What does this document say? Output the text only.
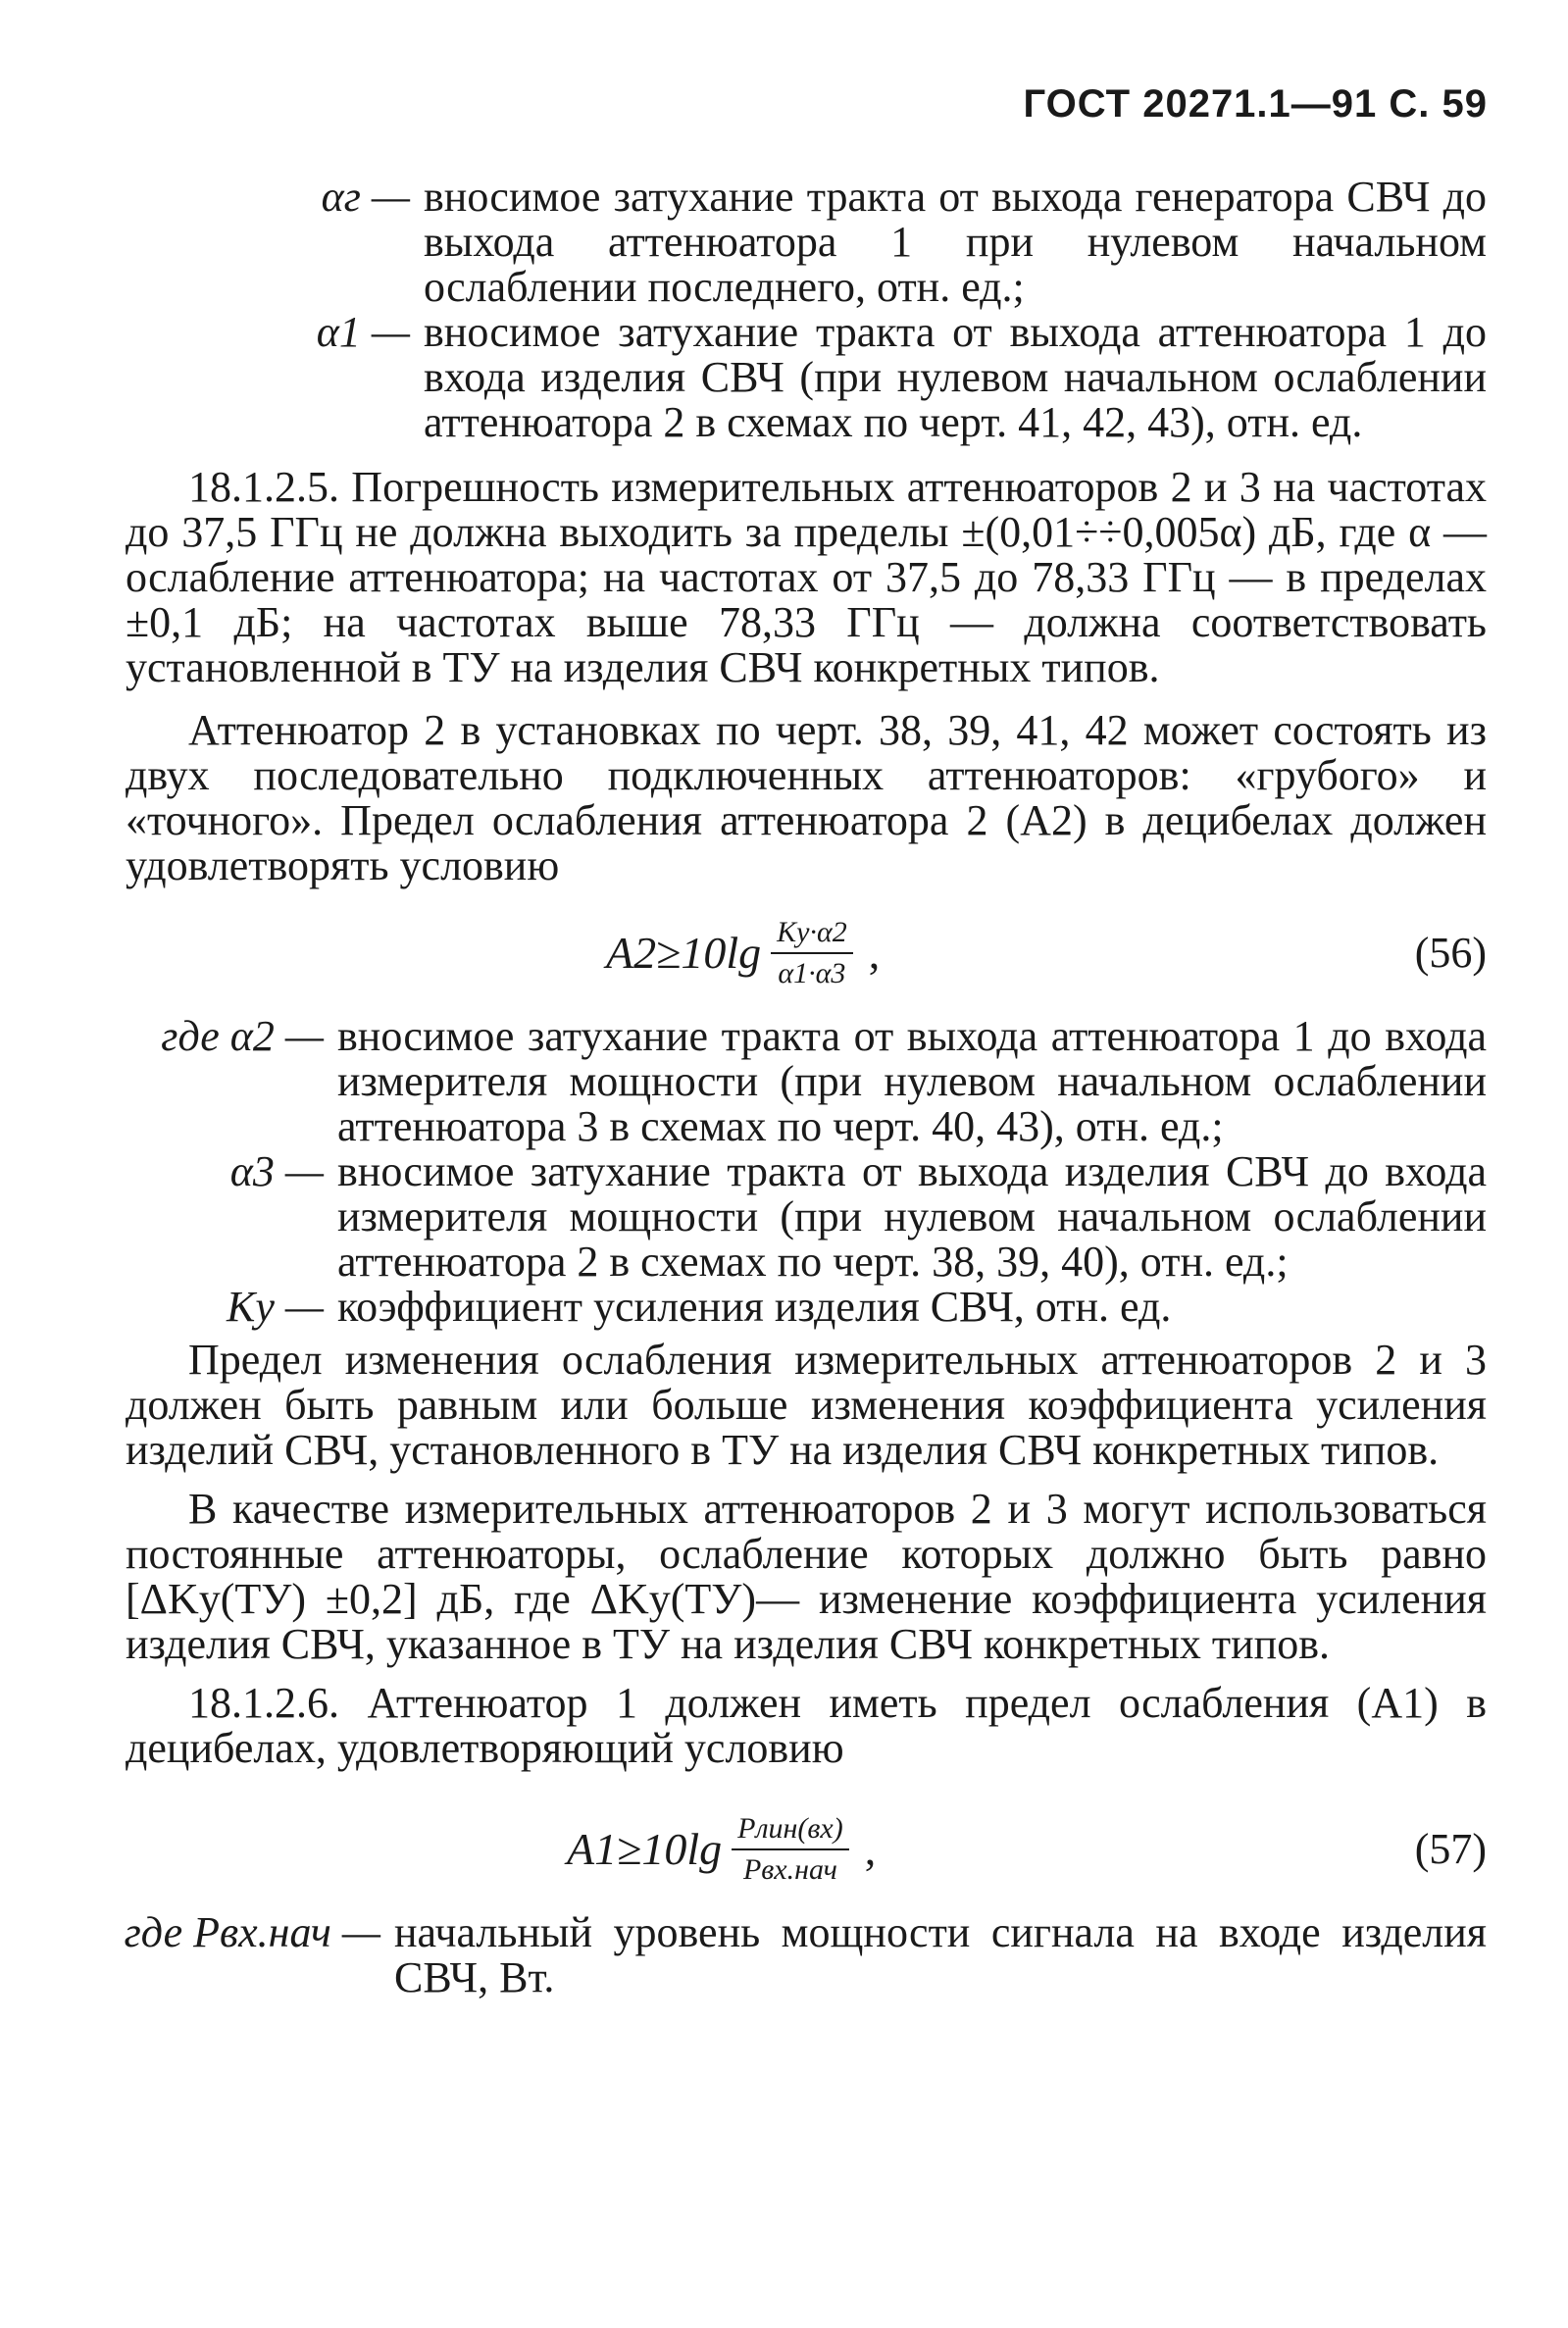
ГОСТ 20271.1—91 С. 59
αг —	вносимое затухание тракта от выхода генератора СВЧ до выхода аттенюатора 1 при нулевом начальном ослаблении последнего, отн. ед.;
α1 —	вносимое затухание тракта от выхода аттенюатора 1 до входа изделия СВЧ (при нулевом начальном ослаблении аттенюатора 2 в схемах по черт. 41, 42, 43), отн. ед.

18.1.2.5. Погрешность измерительных аттенюаторов 2 и 3 на частотах до 37,5 ГГц не должна выходить за пределы ±(0,01÷÷0,005α) дБ, где α — ослабление аттенюатора; на частотах от 37,5 до 78,33 ГГц — в пределах ±0,1 дБ; на частотах выше 78,33 ГГц — должна соответствовать установленной в ТУ на изделия СВЧ конкретных типов.

Аттенюатор 2 в установках по черт. 38, 39, 41, 42 может состоять из двух последовательно подключенных аттенюаторов: «грубого» и «точного». Предел ослабления аттенюатора 2 (A2) в децибелах должен удовлетворять условию

$A2\ge 10\lg \frac{Kу\cdot\alpha 2}{\alpha 1\cdot\alpha 3}$ ,	(56)
где α2 —	вносимое затухание тракта от выхода аттенюатора 1 до входа измерителя мощности (при нулевом начальном ослаблении аттенюатора 3 в схемах по черт. 40, 43), отн. ед.;
α3 —	вносимое затухание тракта от выхода изделия СВЧ до входа измерителя мощности (при нулевом начальном ослаблении аттенюатора 2 в схемах по черт. 38, 39, 40), отн. ед.;
Kу —	коэффициент усиления изделия СВЧ, отн. ед.

Предел изменения ослабления измерительных аттенюаторов 2 и 3 должен быть равным или больше изменения коэффициента усиления изделий СВЧ, установленного в ТУ на изделия СВЧ конкретных типов.

В качестве измерительных аттенюаторов 2 и 3 могут использоваться постоянные аттенюаторы, ослабление которых должно быть равно [ΔKу(ТУ) ±0,2] дБ, где ΔKу(ТУ)— изменение коэффициента усиления изделия СВЧ, указанное в ТУ на изделия СВЧ конкретных типов.

18.1.2.6. Аттенюатор 1 должен иметь предел ослабления (A1) в децибелах, удовлетворяющий условию

$A1\ge 10\lg \frac{\text{Pлин(вх)}}{\text{Pвх.нач}}$ ,	(57)
где Pвх.нач —	начальный уровень мощности сигнала на входе изделия СВЧ, Вт.
